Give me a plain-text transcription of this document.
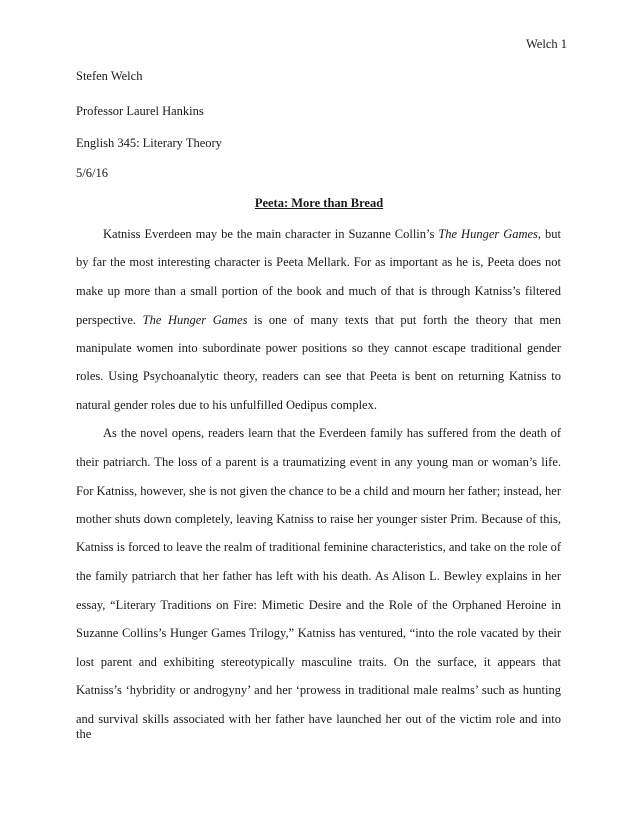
Welch 1
Stefen Welch
Professor Laurel Hankins
English 345: Literary Theory
5/6/16
Peeta: More than Bread
Katniss Everdeen may be the main character in Suzanne Collin’s The Hunger Games, but
by far the most interesting character is Peeta Mellark. For as important as he is, Peeta does not
make up more than a small portion of the book and much of that is through Katniss’s filtered
perspective. The Hunger Games is one of many texts that put forth the theory that men
manipulate women into subordinate power positions so they cannot escape traditional gender
roles. Using Psychoanalytic theory, readers can see that Peeta is bent on returning Katniss to
natural gender roles due to his unfulfilled Oedipus complex.
As the novel opens, readers learn that the Everdeen family has suffered from the death of
their patriarch. The loss of a parent is a traumatizing event in any young man or woman’s life.
For Katniss, however, she is not given the chance to be a child and mourn her father; instead, her
mother shuts down completely, leaving Katniss to raise her younger sister Prim. Because of this,
Katniss is forced to leave the realm of traditional feminine characteristics, and take on the role of
the family patriarch that her father has left with his death. As Alison L. Bewley explains in her
essay, “Literary Traditions on Fire: Mimetic Desire and the Role of the Orphaned Heroine in
Suzanne Collins’s Hunger Games Trilogy,” Katniss has ventured, “into the role vacated by their
lost parent and exhibiting stereotypically masculine traits. On the surface, it appears that
Katniss’s ‘hybridity or androgyny’ and her ‘prowess in traditional male realms’ such as hunting
and survival skills associated with her father have launched her out of the victim role and into the
